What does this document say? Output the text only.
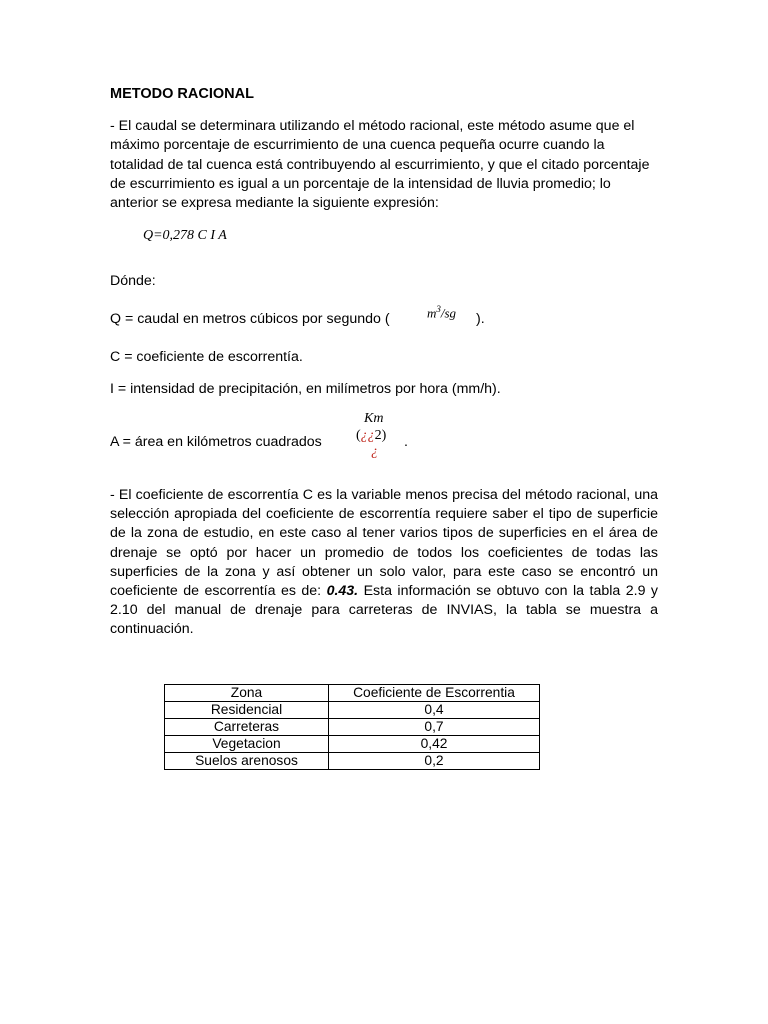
METODO RACIONAL
- El caudal se determinara utilizando el método racional, este método asume que el máximo porcentaje de escurrimiento de una cuenca pequeña ocurre cuando la totalidad de tal cuenca está contribuyendo al escurrimiento, y que el citado porcentaje de escurrimiento es igual a un porcentaje de la intensidad de lluvia promedio; lo anterior se expresa mediante la siguiente expresión:
Q=0,278 C I A
Dónde:
Q = caudal en metros cúbicos por segundo (	$m^3/sg$ ).
C = coeficiente de escorrentía.
I = intensidad de precipitación, en milímetros por hora (mm/h).
A = área en kilómetros cuadrados
Km
(¿¿2)
¿
.
- El coeficiente de escorrentía C es la variable menos precisa del método racional, una selección apropiada del coeficiente de escorrentía requiere saber el tipo de superficie de la zona de estudio, en este caso al tener varios tipos de superficies en el área de drenaje se optó por hacer un promedio de todos los coeficientes de todas las superficies de la zona y así obtener un solo valor, para este caso se encontró un coeficiente de escorrentía es de: 0.43. Esta información se obtuvo con la tabla 2.9 y 2.10 del manual de drenaje para carreteras de INVIAS, la tabla se muestra a continuación.
Zona	Coeficiente de Escorrentia
Residencial	0,4
Carreteras	0,7
Vegetacion	0,42
Suelos arenosos	0,2
